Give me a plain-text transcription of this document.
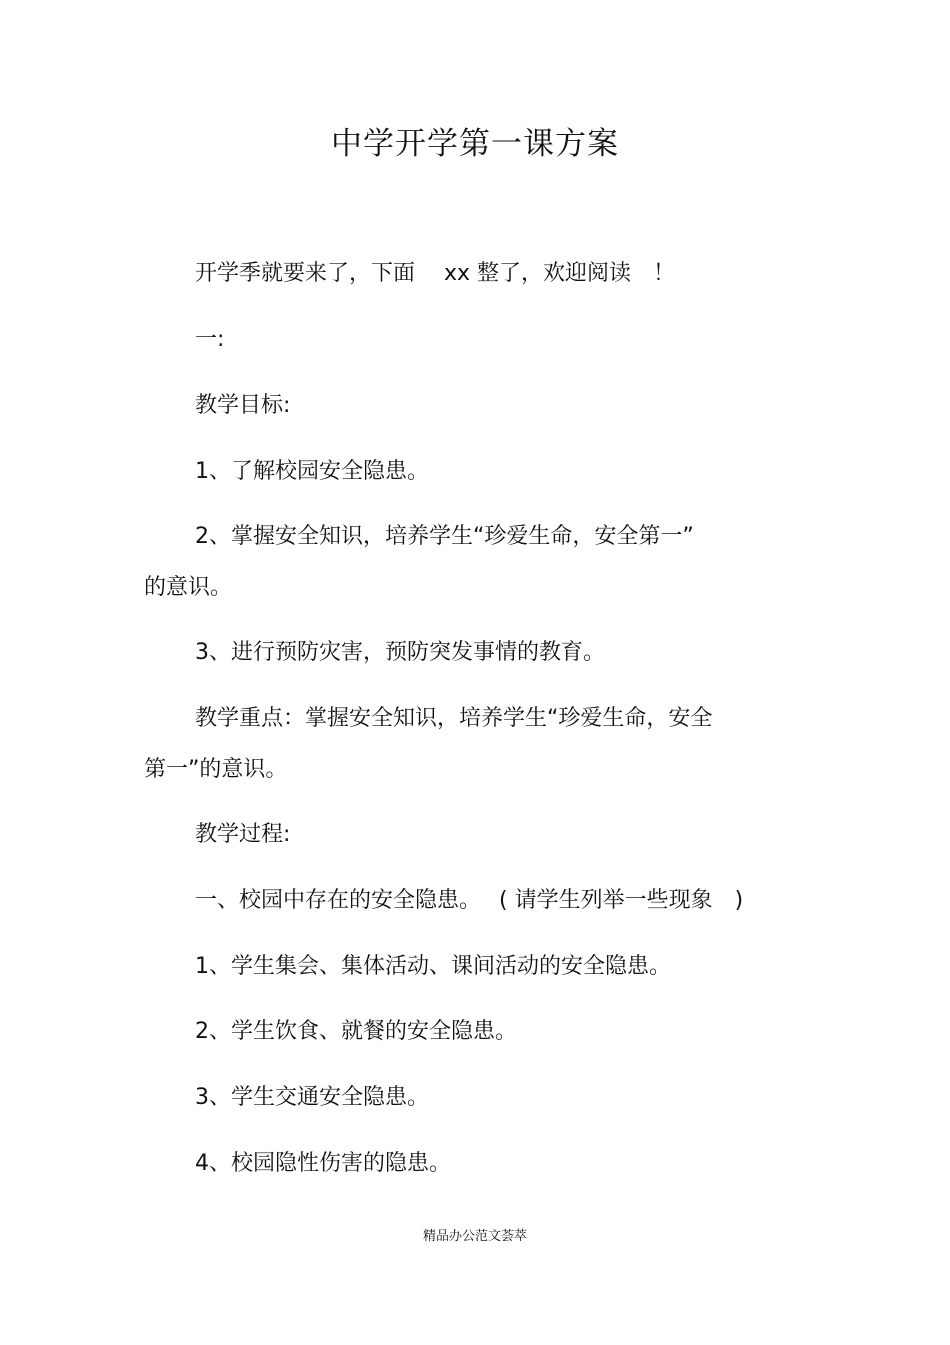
中学开学第一课方案
开学季就要来了，下面　 xx 整了，欢迎阅读　！
一:
教学目标:
1、了解校园安全隐患。
2、掌握安全知识，培养学生“珍爱生命，安全第一”
的意识。
3、进行预防灾害，预防突发事情的教育。
教学重点：掌握安全知识，培养学生“珍爱生命，安全
第一”的意识。
教学过程:
一、校园中存在的安全隐患。　 ( 请学生列举一些现象　)
1、学生集会、集体活动、课间活动的安全隐患。
2、学生饮食、就餐的安全隐患。
3、学生交通安全隐患。
4、校园隐性伤害的隐患。
精品办公范文荟萃
